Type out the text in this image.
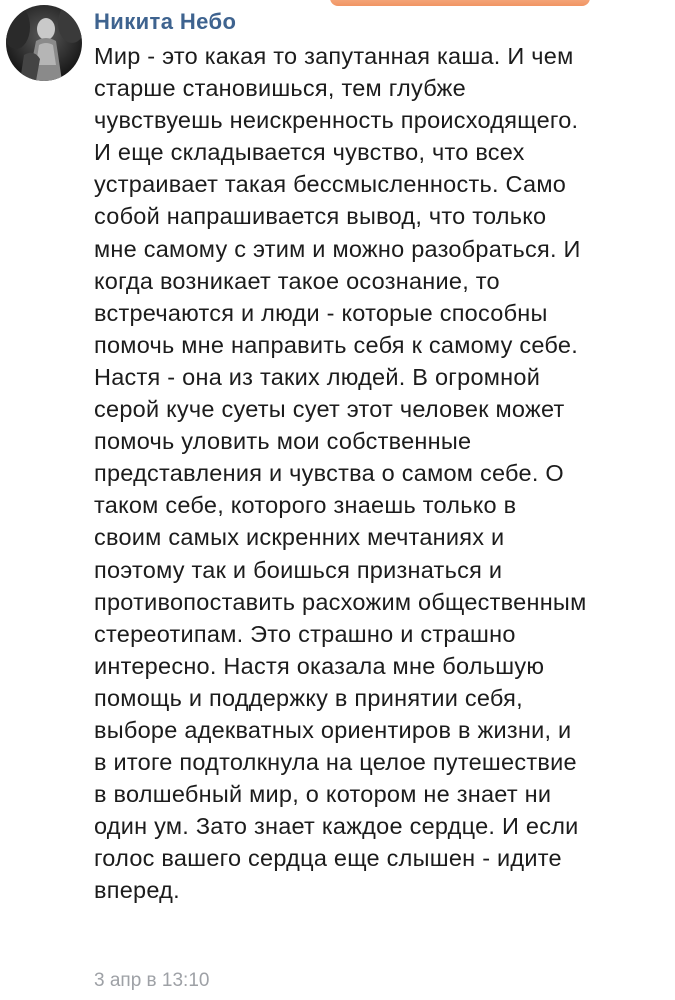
Никита Небо
Мир - это какая то запутанная каша. И чем
старше становишься, тем глубже
чувствуешь неискренность происходящего.
И еще складывается чувство, что всех
устраивает такая бессмысленность. Само
собой напрашивается вывод, что только
мне самому с этим и можно разобраться. И
когда возникает такое осознание, то
встречаются и люди - которые способны
помочь мне направить себя к самому себе.
Настя - она из таких людей. В огромной
серой куче суеты сует этот человек может
помочь уловить мои собственные
представления и чувства о самом себе. О
таком себе, которого знаешь только в
своим самых искренних мечтаниях и
поэтому так и боишься признаться и
противопоставить расхожим общественным
стереотипам. Это страшно и страшно
интересно. Настя оказала мне большую
помощь и поддержку в принятии себя,
выборе адекватных ориентиров в жизни, и
в итоге подтолкнула на целое путешествие
в волшебный мир, о котором не знает ни
один ум. Зато знает каждое сердце. И если
голос вашего сердца еще слышен - идите
вперед.
3 апр в 13:10
